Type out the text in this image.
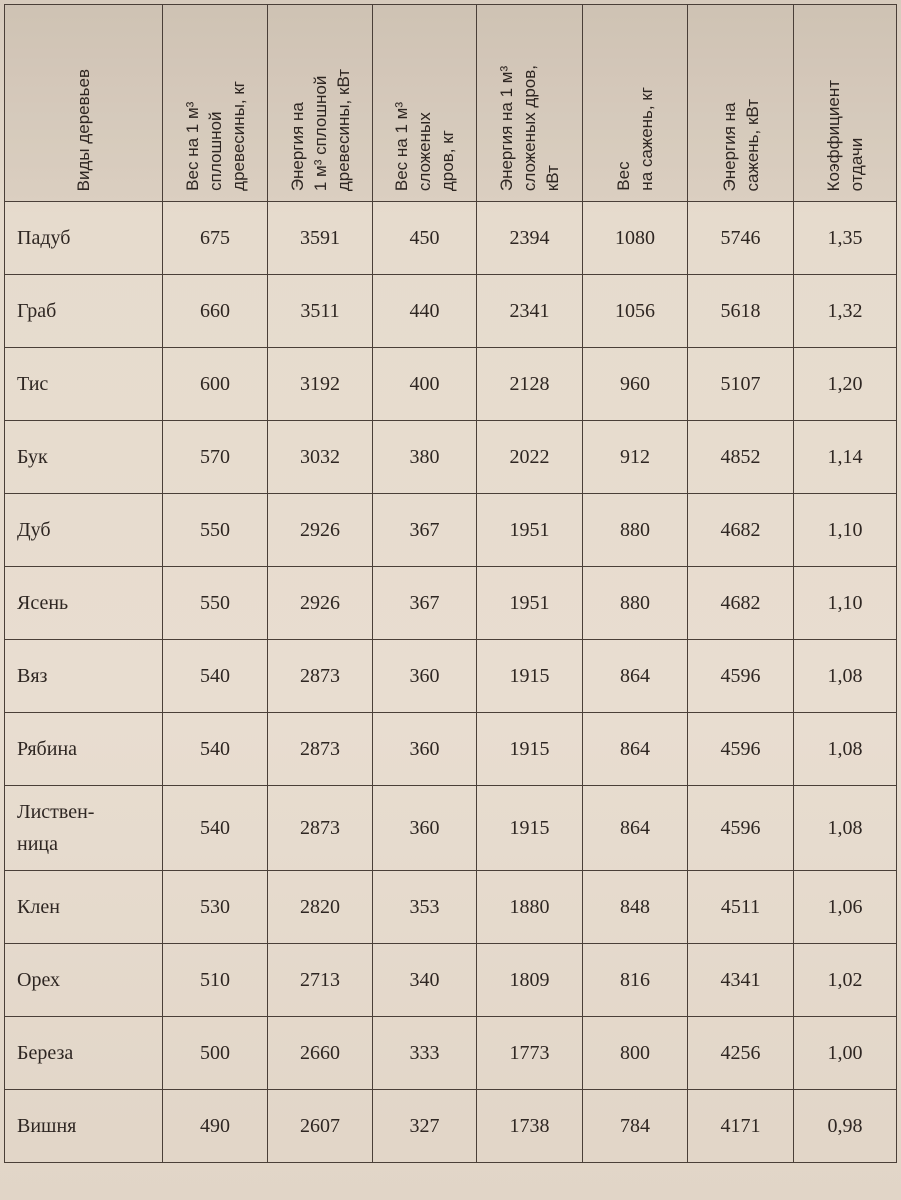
Виды деревьев	Вес на 1 м³
сплошной
древесины, кг	Энергия на
1 м³ сплошной
древесины, кВт	Вес на 1 м³
сложеных
дров, кг	Энергия на 1 м³
сложеных дров,
кВт	Вес
на сажень, кг	Энергия на
сажень, кВт	Коэффициент
отдачи

Падуб	675	3591	450	2394	1080	5746	1,35
Граб	660	3511	440	2341	1056	5618	1,32
Тис	600	3192	400	2128	960	5107	1,20
Бук	570	3032	380	2022	912	4852	1,14
Дуб	550	2926	367	1951	880	4682	1,10
Ясень	550	2926	367	1951	880	4682	1,10
Вяз	540	2873	360	1915	864	4596	1,08
Рябина	540	2873	360	1915	864	4596	1,08
Листвен-
ница	540	2873	360	1915	864	4596	1,08
Клен	530	2820	353	1880	848	4511	1,06
Орех	510	2713	340	1809	816	4341	1,02
Береза	500	2660	333	1773	800	4256	1,00
Вишня	490	2607	327	1738	784	4171	0,98
